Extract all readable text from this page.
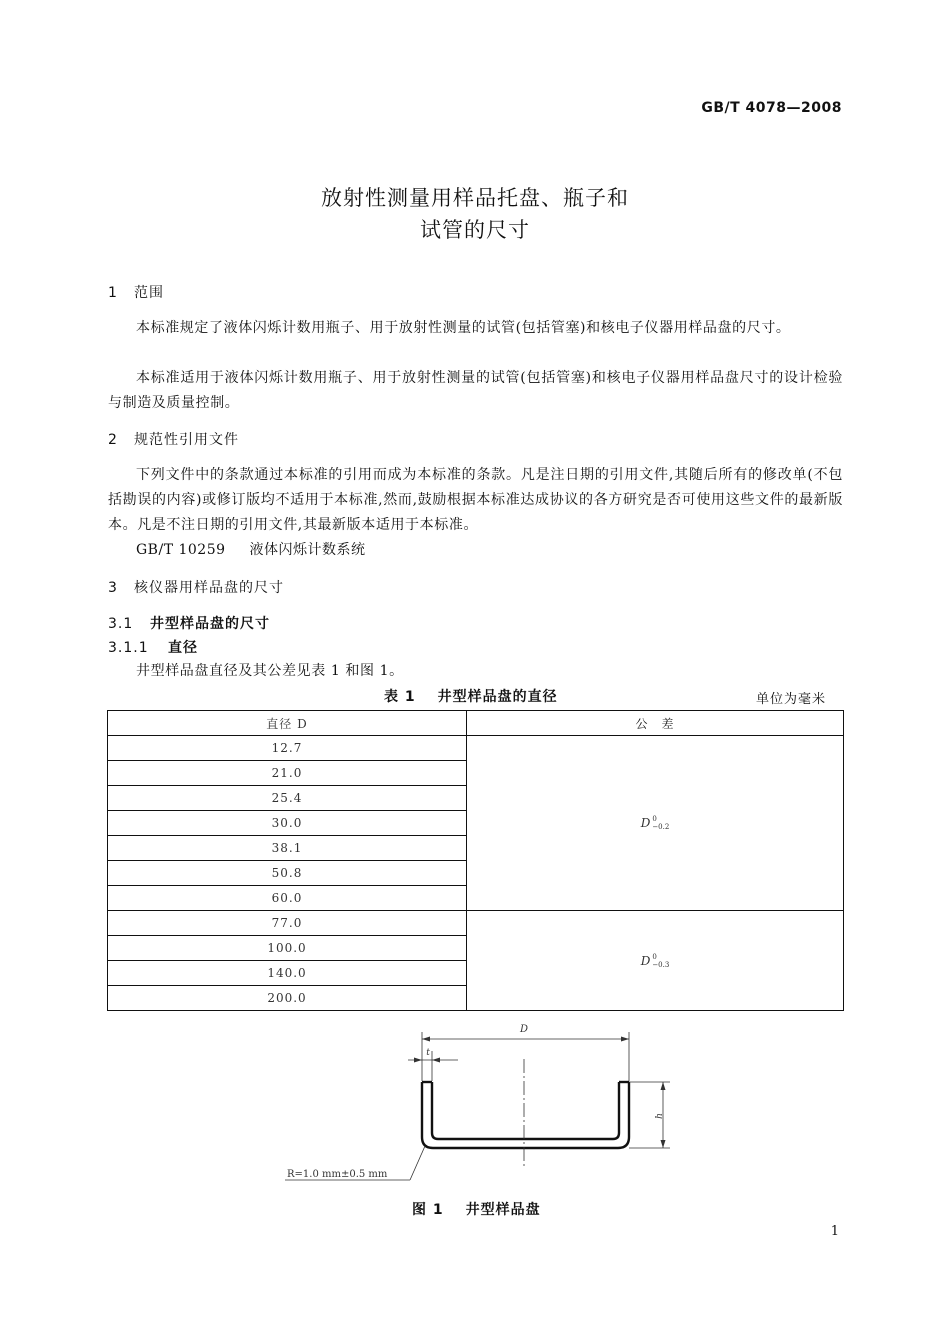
GB/T 4078—2008
放射性测量用样品托盘、瓶子和
试管的尺寸
1 范围
本标准规定了液体闪烁计数用瓶子、用于放射性测量的试管(包括管塞)和核电子仪器用样品盘的尺寸。
本标准适用于液体闪烁计数用瓶子、用于放射性测量的试管(包括管塞)和核电子仪器用样品盘尺寸的设计检验与制造及质量控制。
2 规范性引用文件
下列文件中的条款通过本标准的引用而成为本标准的条款。凡是注日期的引用文件,其随后所有的修改单(不包括勘误的内容)或修订版均不适用于本标准,然而,鼓励根据本标准达成协议的各方研究是否可使用这些文件的最新版本。凡是不注日期的引用文件,其最新版本适用于本标准。
GB/T 10259 液体闪烁计数系统
3 核仪器用样品盘的尺寸
3.1 井型样品盘的尺寸
3.1.1 直径
井型样品盘直径及其公差见表 1 和图 1。
表 1 井型样品盘的直径	单位为毫米
直径 D	公　差
12.7	D 0
−0.2

21.0	
25.4	
30.0	
38.1	
50.8	
60.0	
77.0	D 0
−0.3

100.0	
140.0	
200.0	
D
t
h
R=1.0 mm±0.5 mm
图 1 井型样品盘
1
